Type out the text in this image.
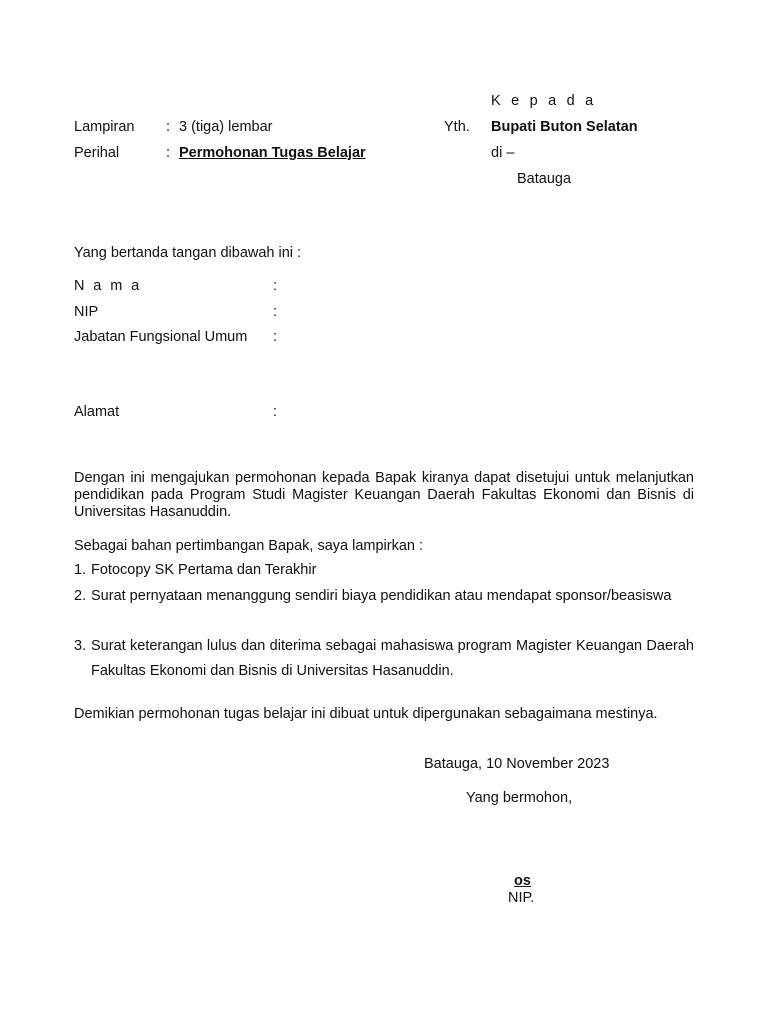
K e p a d a
Yth. Bupati Buton Selatan
di –
Batauga
Lampiran : 3 (tiga) lembar
Perihal	: Permohonan Tugas Belajar
Yang bertanda tangan dibawah ini :
N a m a	:
NIP	:
Jabatan Fungsional Umum :
Alamat	:
Dengan ini mengajukan permohonan kepada Bapak kiranya dapat disetujui untuk melanjutkan pendidikan pada Program Studi Magister Keuangan Daerah Fakultas Ekonomi dan Bisnis di Universitas Hasanuddin.
Sebagai bahan pertimbangan Bapak, saya lampirkan :
1. Fotocopy SK Pertama dan Terakhir
2. Surat pernyataan menanggung sendiri biaya pendidikan atau mendapat sponsor/beasiswa
3. Surat keterangan lulus dan diterima sebagai mahasiswa program Magister Keuangan Daerah Fakultas Ekonomi dan Bisnis di Universitas Hasanuddin.
Demikian permohonan tugas belajar ini dibuat untuk dipergunakan sebagaimana mestinya.
Batauga, 10 November 2023
Yang bermohon,
os
NIP.
